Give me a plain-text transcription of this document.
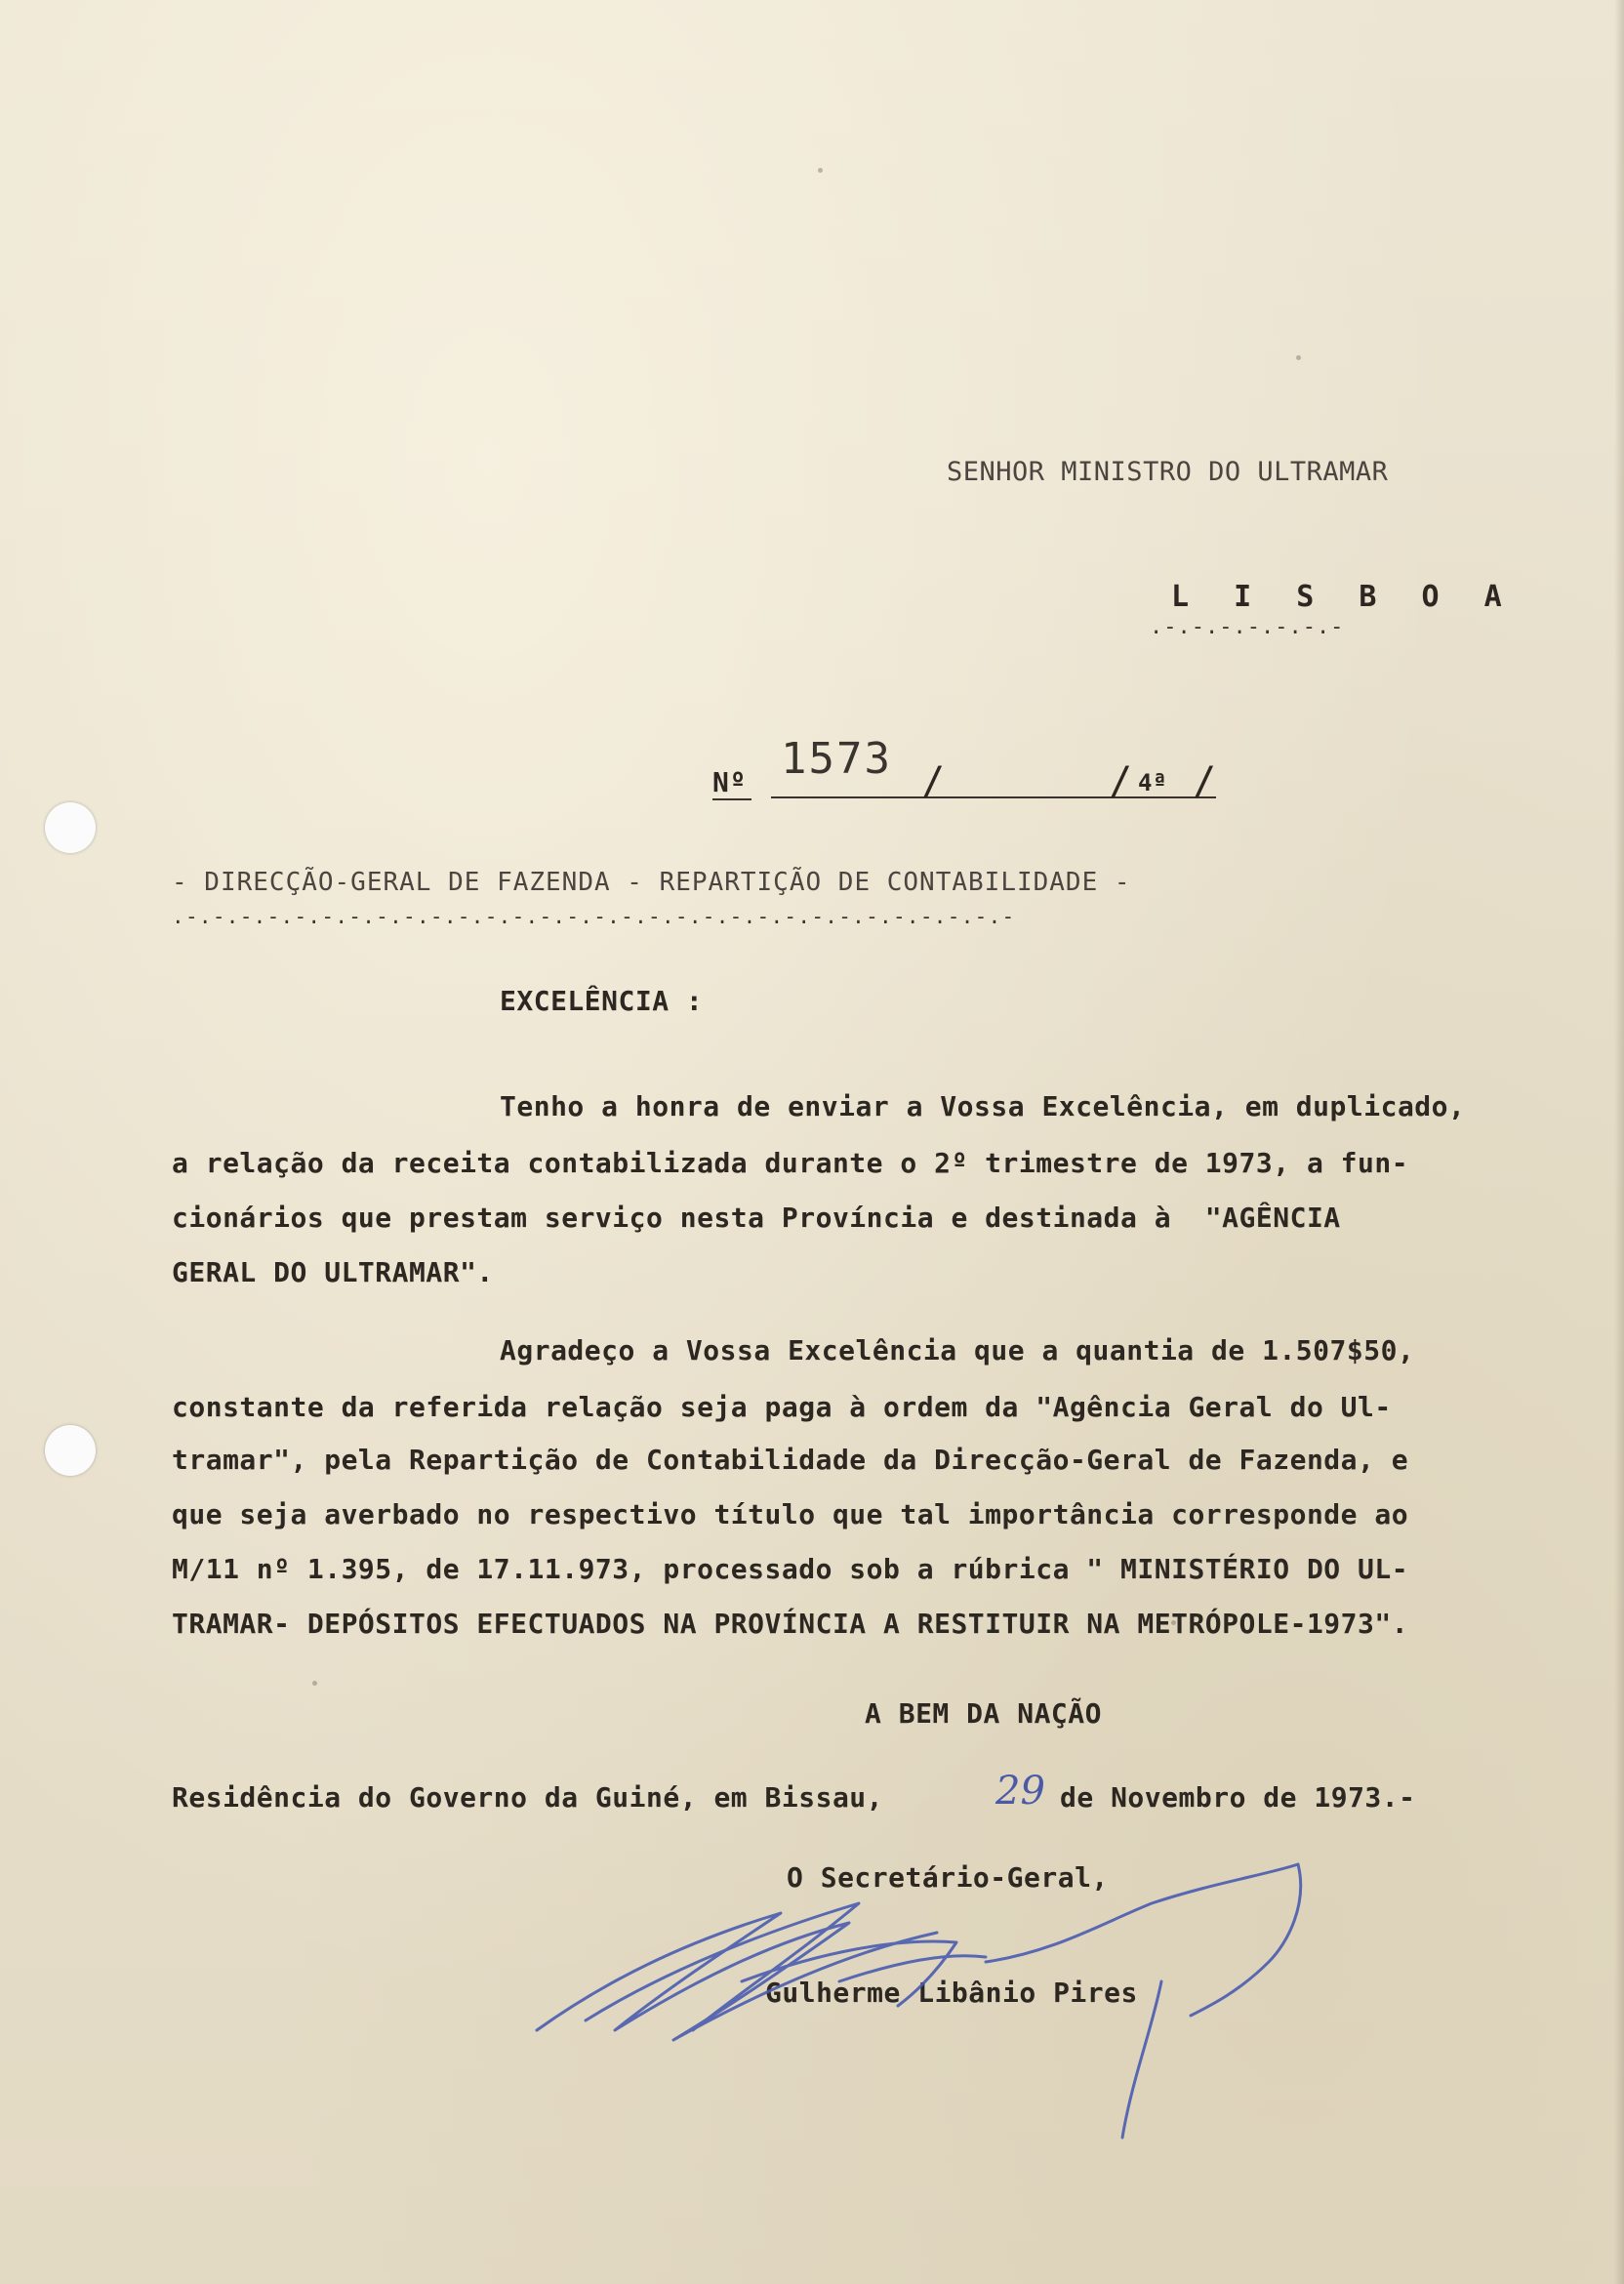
SENHOR MINISTRO DO ULTRAMAR
L I S B O A
.-.-.-.-.-.-.-
Nº 1573 /	/ 4ª /
- DIRECÇÃO-GERAL DE FAZENDA - REPARTIÇÃO DE CONTABILIDADE -
.-.-.-.-.-.-.-.-.-.-.-.-.-.-.-.-.-.-.-.-.-.-.-.-.-.-.-.-.-.-.-
EXCELÊNCIA :
Tenho a honra de enviar a Vossa Excelência, em duplicado,
a relação da receita contabilizada durante o 2º trimestre de 1973, a fun-
cionários que prestam serviço nesta Província e destinada à  "AGÊNCIA
GERAL DO ULTRAMAR".
Agradeço a Vossa Excelência que a quantia de 1.507$50,
constante da referida relação seja paga à ordem da "Agência Geral do Ul-
tramar", pela Repartição de Contabilidade da Direcção-Geral de Fazenda, e
que seja averbado no respectivo título que tal importância corresponde ao
M/11 nº 1.395, de 17.11.973, processado sob a rúbrica " MINISTÉRIO DO UL-
TRAMAR- DEPÓSITOS EFECTUADOS NA PROVÍNCIA A RESTITUIR NA METRÓPOLE-1973".
A BEM DA NAÇÃO
Residência do Governo da Guiné, em Bissau,	29 de Novembro de 1973.-
O Secretário-Geral,
Gulherme Libânio Pires
